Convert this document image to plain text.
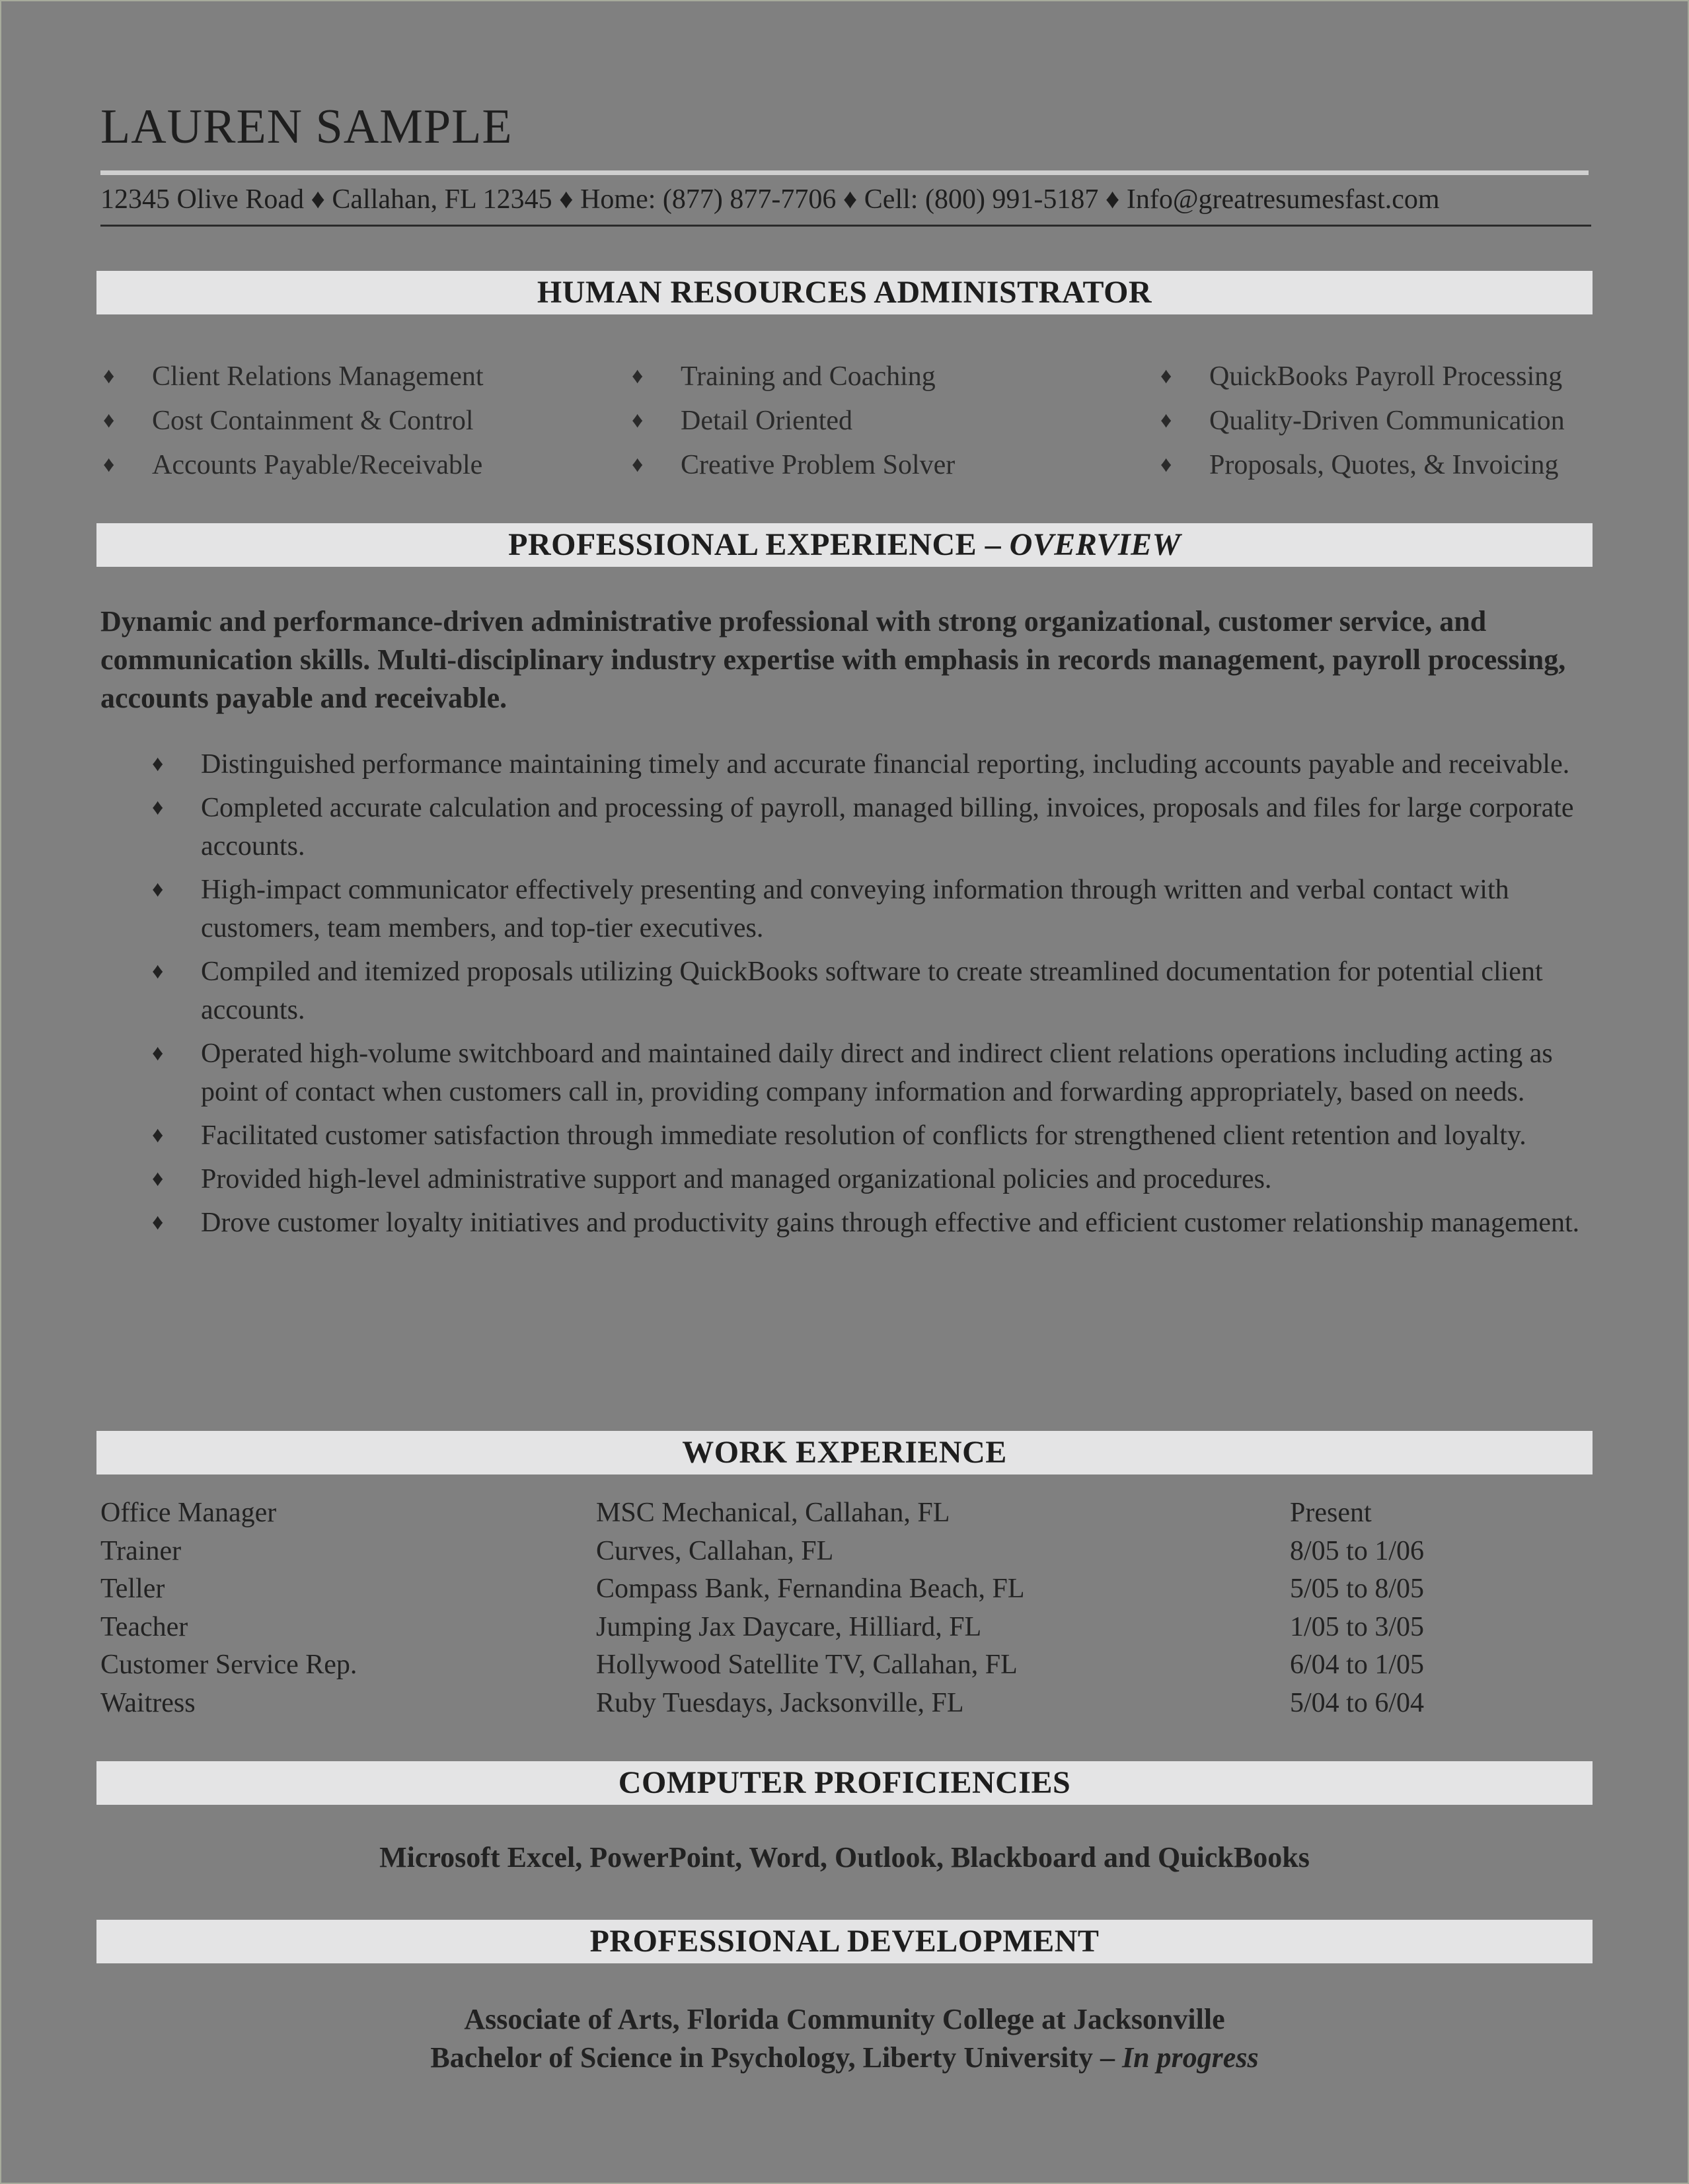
LAUREN SAMPLE
12345 Olive Road ♦ Callahan, FL 12345 ♦ Home: (877) 877-7706 ♦ Cell: (800) 991-5187 ♦ Info@greatresumesfast.com
HUMAN RESOURCES ADMINISTRATOR
♦	Client Relations Management	♦	Training and Coaching	♦	QuickBooks Payroll Processing
♦	Cost Containment & Control	♦	Detail Oriented	♦	Quality-Driven Communication
♦	Accounts Payable/Receivable	♦	Creative Problem Solver	♦	Proposals, Quotes, & Invoicing
PROFESSIONAL EXPERIENCE – OVERVIEW
Dynamic and performance-driven administrative professional with strong organizational, customer service, and communication skills. Multi-disciplinary industry expertise with emphasis in records management, payroll processing, accounts payable and receivable.
♦	Distinguished performance maintaining timely and accurate financial reporting, including accounts payable and receivable.
♦	Completed accurate calculation and processing of payroll, managed billing, invoices, proposals and files for large corporate accounts.
♦	High-impact communicator effectively presenting and conveying information through written and verbal contact with customers, team members, and top-tier executives.
♦	Compiled and itemized proposals utilizing QuickBooks software to create streamlined documentation for potential client accounts.
♦	Operated high-volume switchboard and maintained daily direct and indirect client relations operations including acting as point of contact when customers call in, providing company information and forwarding appropriately, based on needs.
♦	Facilitated customer satisfaction through immediate resolution of conflicts for strengthened client retention and loyalty.
♦	Provided high-level administrative support and managed organizational policies and procedures.
♦	Drove customer loyalty initiatives and productivity gains through effective and efficient customer relationship management.
WORK EXPERIENCE
Office Manager	MSC Mechanical, Callahan, FL	Present
Trainer	Curves, Callahan, FL	8/05 to 1/06
Teller	Compass Bank, Fernandina Beach, FL	5/05 to 8/05
Teacher	Jumping Jax Daycare, Hilliard, FL	1/05 to 3/05
Customer Service Rep.	Hollywood Satellite TV, Callahan, FL	6/04 to 1/05
Waitress	Ruby Tuesdays, Jacksonville, FL	5/04 to 6/04
COMPUTER PROFICIENCIES
Microsoft Excel, PowerPoint, Word, Outlook, Blackboard and QuickBooks
PROFESSIONAL DEVELOPMENT
Associate of Arts, Florida Community College at Jacksonville
Bachelor of Science in Psychology, Liberty University – In progress
